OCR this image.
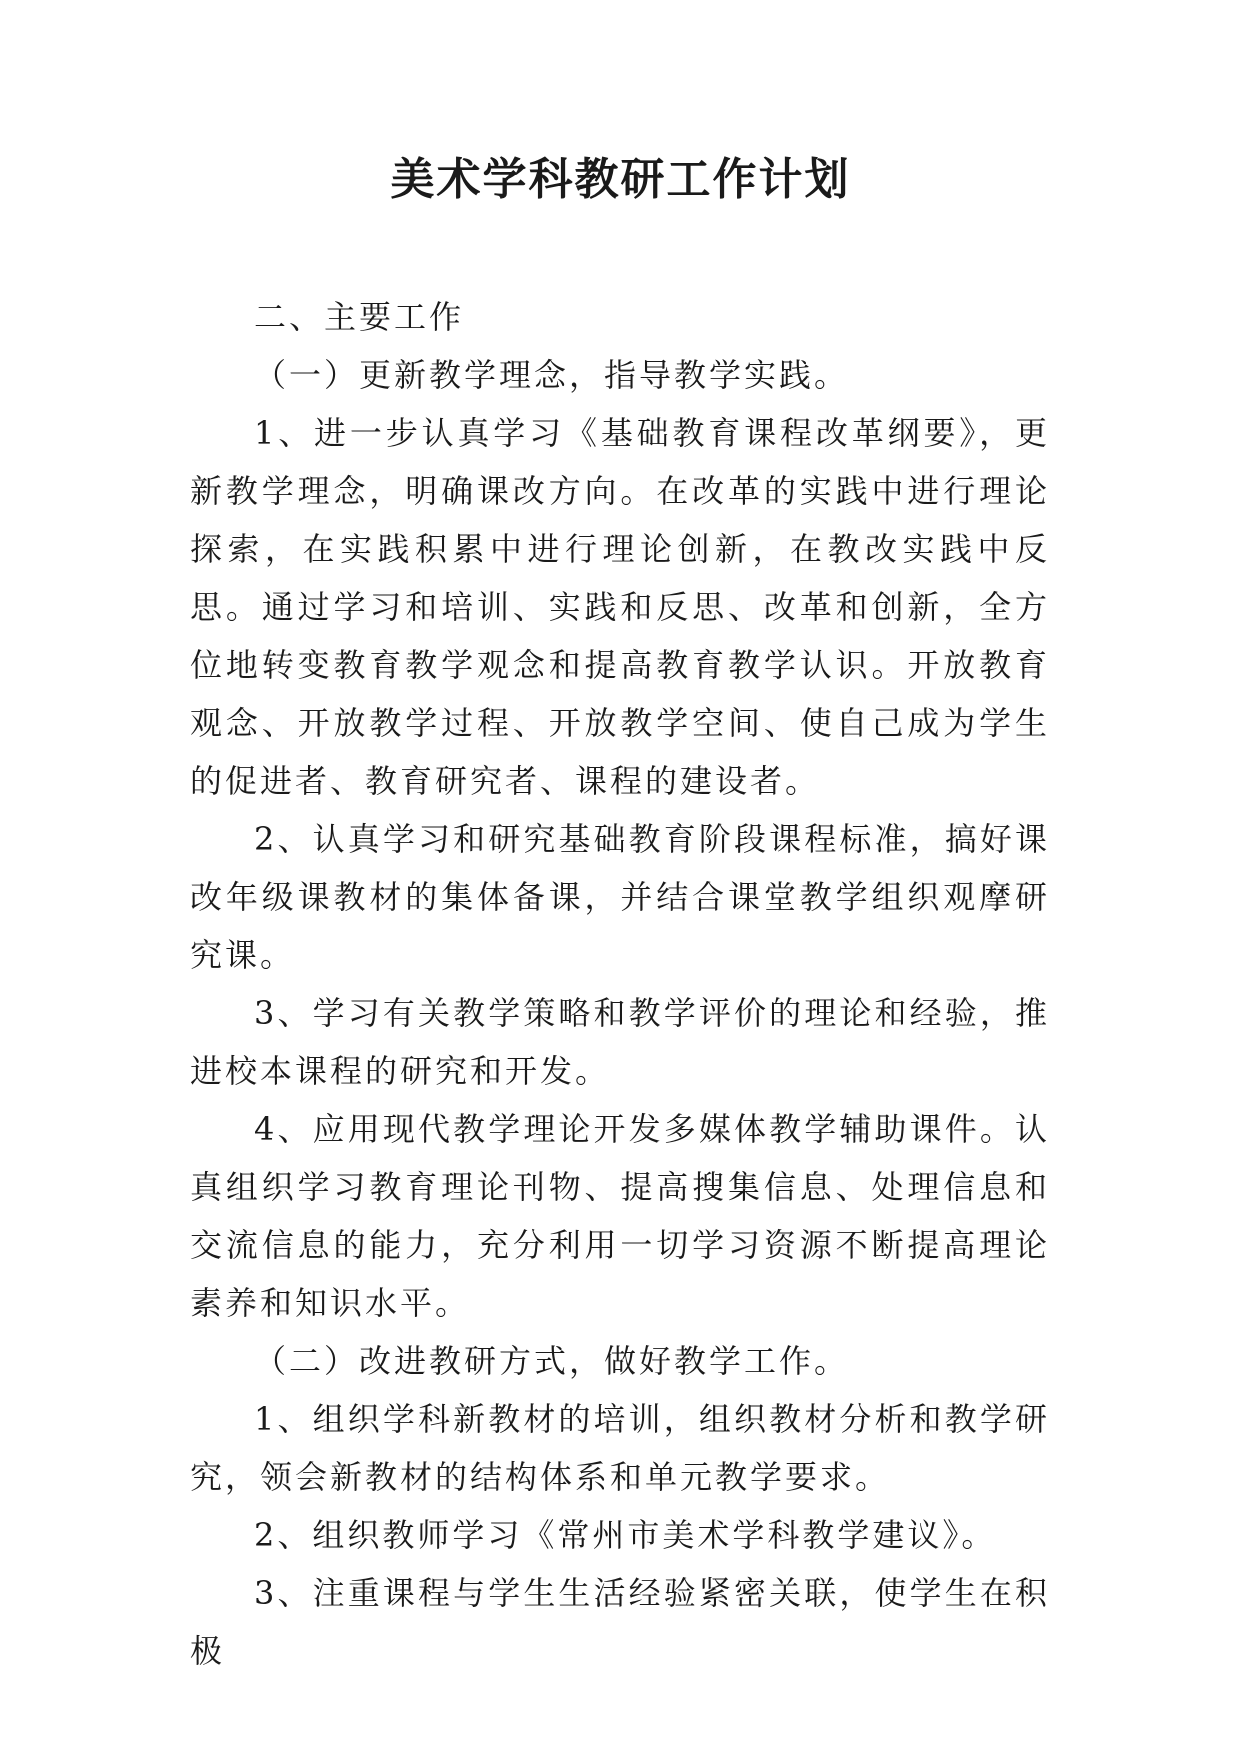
美术学科教研工作计划

二、主要工作

（一）更新教学理念，指导教学实践。

1、进一步认真学习《基础教育课程改革纲要》，更新教学理念，明确课改方向。在改革的实践中进行理论探索，在实践积累中进行理论创新，在教改实践中反思。通过学习和培训、实践和反思、改革和创新，全方位地转变教育教学观念和提高教育教学认识。开放教育观念、开放教学过程、开放教学空间、使自己成为学生的促进者、教育研究者、课程的建设者。

2、认真学习和研究基础教育阶段课程标准，搞好课改年级课教材的集体备课，并结合课堂教学组织观摩研究课。

3、学习有关教学策略和教学评价的理论和经验，推进校本课程的研究和开发。

4、应用现代教学理论开发多媒体教学辅助课件。认真组织学习教育理论刊物、提高搜集信息、处理信息和交流信息的能力，充分利用一切学习资源不断提高理论素养和知识水平。

（二）改进教研方式，做好教学工作。

1、组织学科新教材的培训，组织教材分析和教学研究，领会新教材的结构体系和单元教学要求。

2、组织教师学习《常州市美术学科教学建议》。

3、注重课程与学生生活经验紧密关联，使学生在积极
